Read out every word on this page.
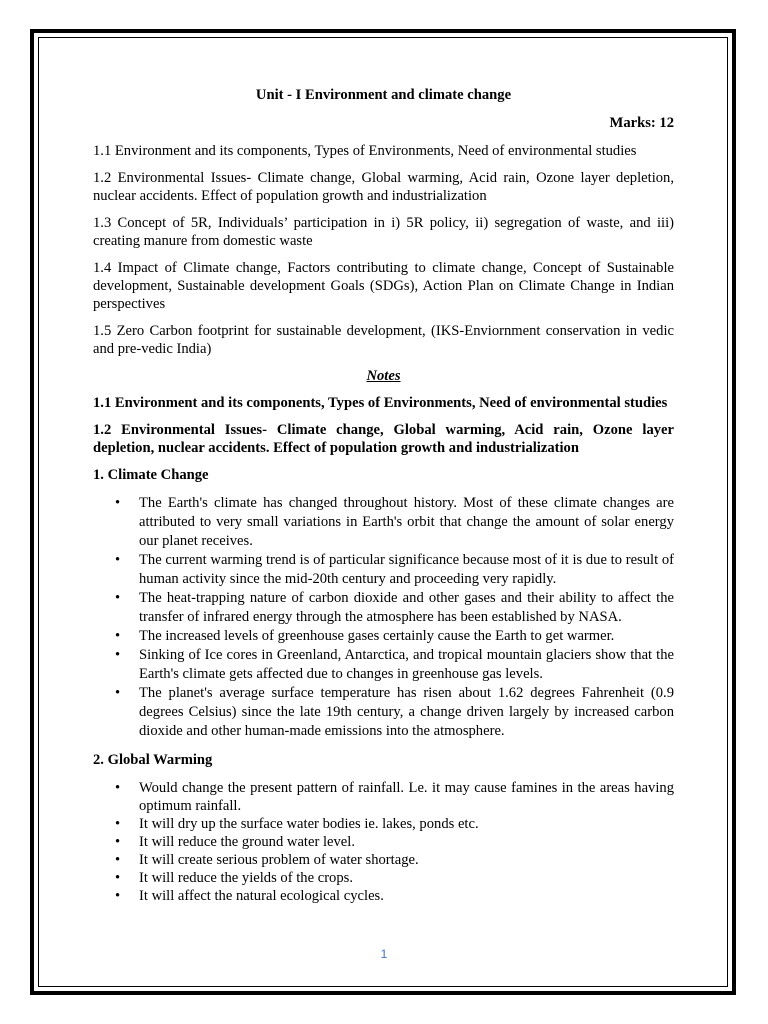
Unit - I Environment and climate change
Marks: 12
1.1 Environment and its components, Types of Environments, Need of environmental studies
1.2 Environmental Issues- Climate change, Global warming, Acid rain, Ozone layer depletion, nuclear accidents. Effect of population growth and industrialization
1.3 Concept of 5R, Individuals’ participation in i) 5R policy, ii) segregation of waste, and iii) creating manure from domestic waste
1.4 Impact of Climate change, Factors contributing to climate change, Concept of Sustainable development, Sustainable development Goals (SDGs), Action Plan on Climate Change in Indian perspectives
1.5 Zero Carbon footprint for sustainable development, (IKS-Enviornment conservation in vedic and pre-vedic India)
Notes
1.1 Environment and its components, Types of Environments, Need of environmental studies
1.2 Environmental Issues- Climate change, Global warming, Acid rain, Ozone layer depletion, nuclear accidents. Effect of population growth and industrialization
1. Climate Change
• The Earth's climate has changed throughout history. Most of these climate changes are attributed to very small variations in Earth's orbit that change the amount of solar energy our planet receives.
• The current warming trend is of particular significance because most of it is due to result of human activity since the mid-20th century and proceeding very rapidly.
• The heat-trapping nature of carbon dioxide and other gases and their ability to affect the transfer of infrared energy through the atmosphere has been established by NASA.
• The increased levels of greenhouse gases certainly cause the Earth to get warmer.
• Sinking of Ice cores in Greenland, Antarctica, and tropical mountain glaciers show that the Earth's climate gets affected due to changes in greenhouse gas levels.
• The planet's average surface temperature has risen about 1.62 degrees Fahrenheit (0.9 degrees Celsius) since the late 19th century, a change driven largely by increased carbon dioxide and other human-made emissions into the atmosphere.
2. Global Warming
• Would change the present pattern of rainfall. Le. it may cause famines in the areas having optimum rainfall.
• It will dry up the surface water bodies ie. lakes, ponds etc.
• It will reduce the ground water level.
• It will create serious problem of water shortage.
• It will reduce the yields of the crops.
• It will affect the natural ecological cycles.
1
